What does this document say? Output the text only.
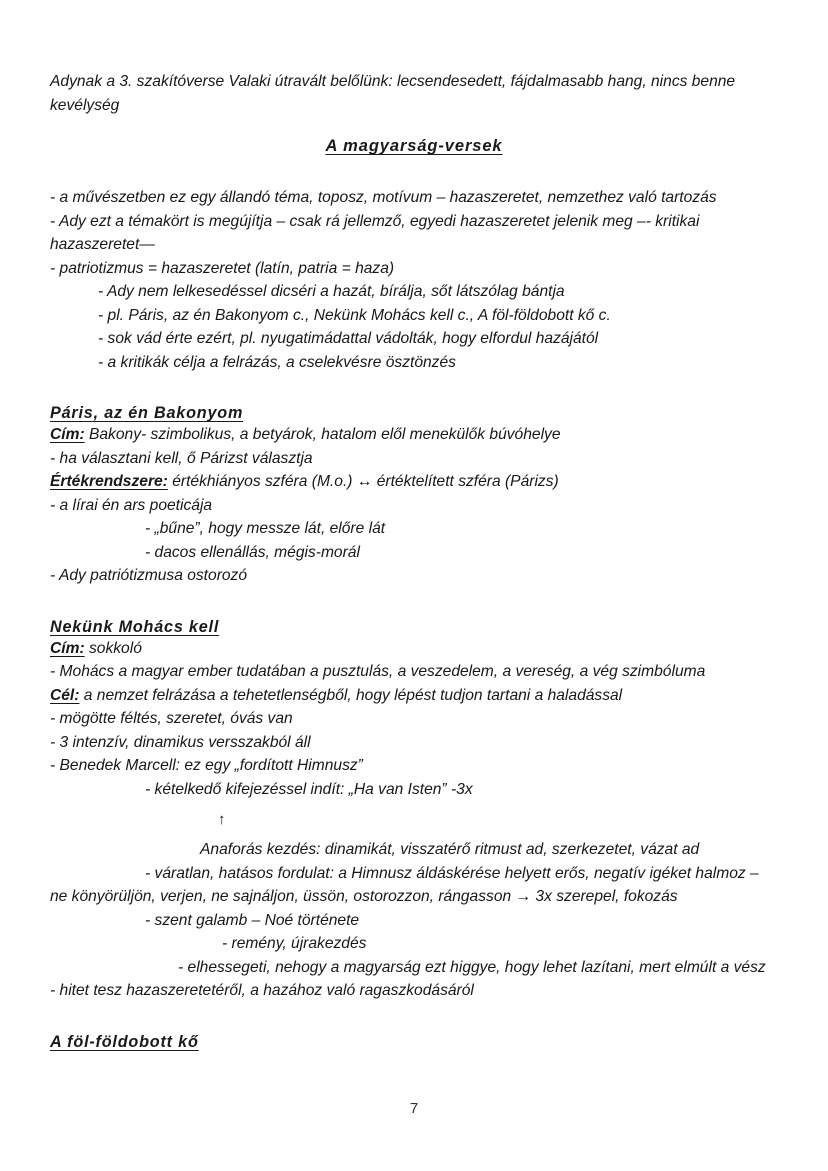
Adynak a 3. szakítóverse Valaki útravált belőlünk: lecsendesedett, fájdalmasabb hang, nincs benne kevélység
A magyarság-versek
- a művészetben ez egy állandó téma, toposz, motívum – hazaszeretet, nemzethez való tartozás
- Ady ezt a témakört is megújítja – csak rá jellemző, egyedi hazaszeretet jelenik meg –- kritikai hazaszeretet—
- patriotizmus = hazaszeretet (latín, patria = haza)
- Ady nem lelkesedéssel dicséri a hazát, bírálja, sőt látszólag bántja
- pl. Páris, az én Bakonyom c., Nekünk Mohács kell c., A föl-földobott kő c.
- sok vád érte ezért, pl. nyugatimádattal vádolták, hogy elfordul hazájától
- a kritikák célja a felrázás, a cselekvésre ösztönzés
Páris, az én Bakonyom
Cím: Bakony- szimbolikus, a betyárok, hatalom elől menekülők búvóhelye
- ha választani kell, ő Párizst választja
Értékrendszere: értékhiányos szféra (M.o.) ↔ értéktelített szféra (Párizs)
- a lírai én ars poeticája
- „bűne”, hogy messze lát, előre lát
- dacos ellenállás, mégis-morál
- Ady patriótizmusa ostorozó
Nekünk Mohács kell
Cím: sokkoló
- Mohács a magyar ember tudatában a pusztulás, a veszedelem, a vereség, a vég szimbóluma
Cél: a nemzet felrázása a tehetetlenségből, hogy lépést tudjon tartani a haladással
- mögötte féltés, szeretet, óvás van
- 3 intenzív, dinamikus versszakból áll
- Benedek Marcell: ez egy „fordított Himnusz”
- kételkedő kifejezéssel indít: „Ha van Isten” -3x
↑
Anaforás kezdés: dinamikát, visszatérő ritmust ad, szerkezetet, vázat ad
- váratlan, hatásos fordulat: a Himnusz áldáskérése helyett erős, negatív igéket halmoz – ne könyörüljön, verjen, ne sajnáljon, üssön, ostorozzon, rángasson → 3x szerepel, fokozás
- szent galamb – Noé története
- remény, újrakezdés
- elhessegeti, nehogy a magyarság ezt higgye, hogy lehet lazítani, mert elmúlt a vész
- hitet tesz hazaszeretetéről, a hazához való ragaszkodásáról
A föl-földobott kő
7
